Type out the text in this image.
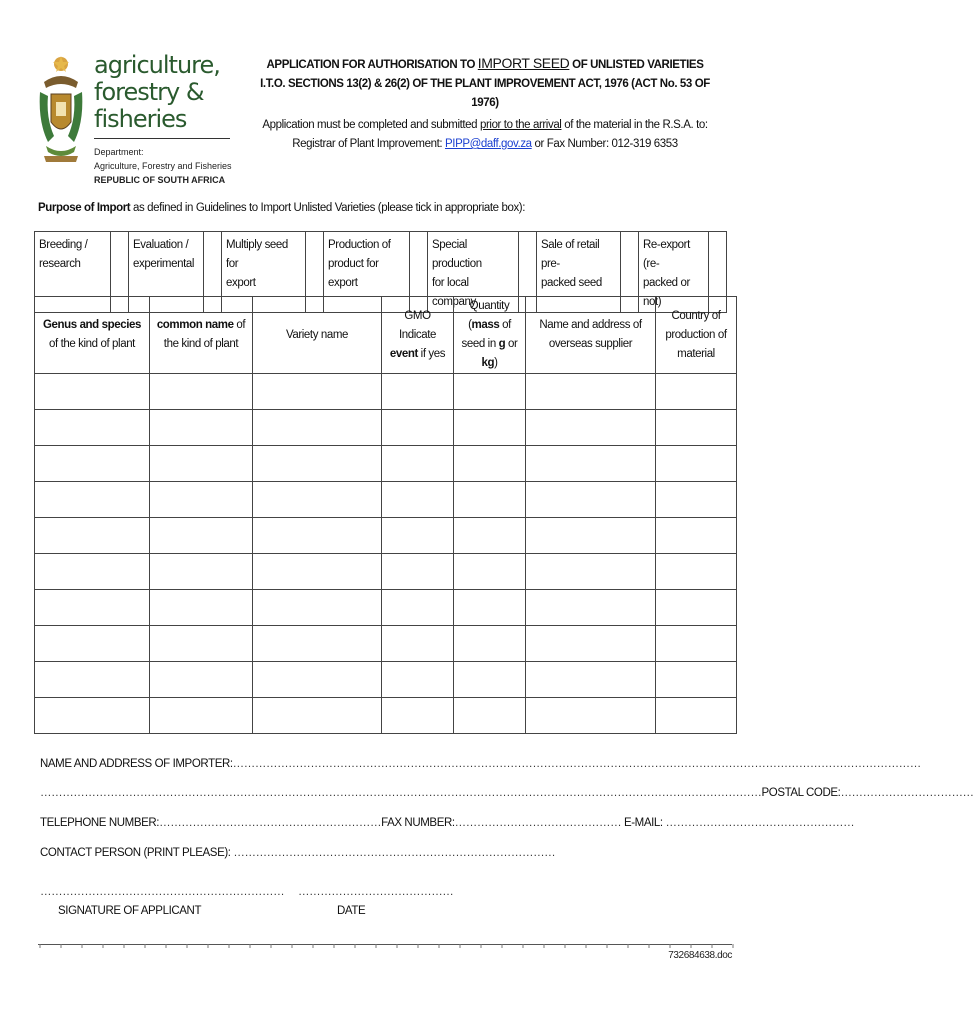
agriculture,
forestry & fisheries
Department:
Agriculture, Forestry and Fisheries
REPUBLIC OF SOUTH AFRICA
APPLICATION FOR AUTHORISATION TO IMPORT SEED OF UNLISTED VARIETIES
I.T.O. SECTIONS 13(2) & 26(2) OF THE PLANT IMPROVEMENT ACT, 1976 (ACT No. 53 OF 1976)
Application must be completed and submitted prior to the arrival of the material in the R.S.A. to:
Registrar of Plant Improvement: PIPP@daff.gov.za or Fax Number: 012-319 6353
Purpose of Import as defined in Guidelines to Import Unlisted Varieties (please tick in appropriate box):
Breeding /
research

Evaluation /
experimental

Multiply seed for
export

Production of
product for export

Special production
for local company

Sale of retail pre-
packed seed

Re-export (re-
packed or not)

Genus and species of the kind of plant	common name of the kind of plant	Variety name	GMO Indicate event if yes	Quantity (mass of seed in g or kg)	Name and address of overseas supplier	Country of production of material

NAME AND ADDRESS OF IMPORTER:……………………………………………………………………………………………………………………………………………………………………
……………………………………………………………………………………………………………………………………………………………………………POSTAL CODE:………………………………
TELEPHONE NUMBER:……………………………………………………FAX NUMBER:……………………………………… E-MAIL: ……………………………………………
CONTACT PERSON (PRINT PLEASE): ……………………………………………………………………………
………………………………………………………… ……………………………………
SIGNATURE OF APPLICANT	DATE
732684638.doc
